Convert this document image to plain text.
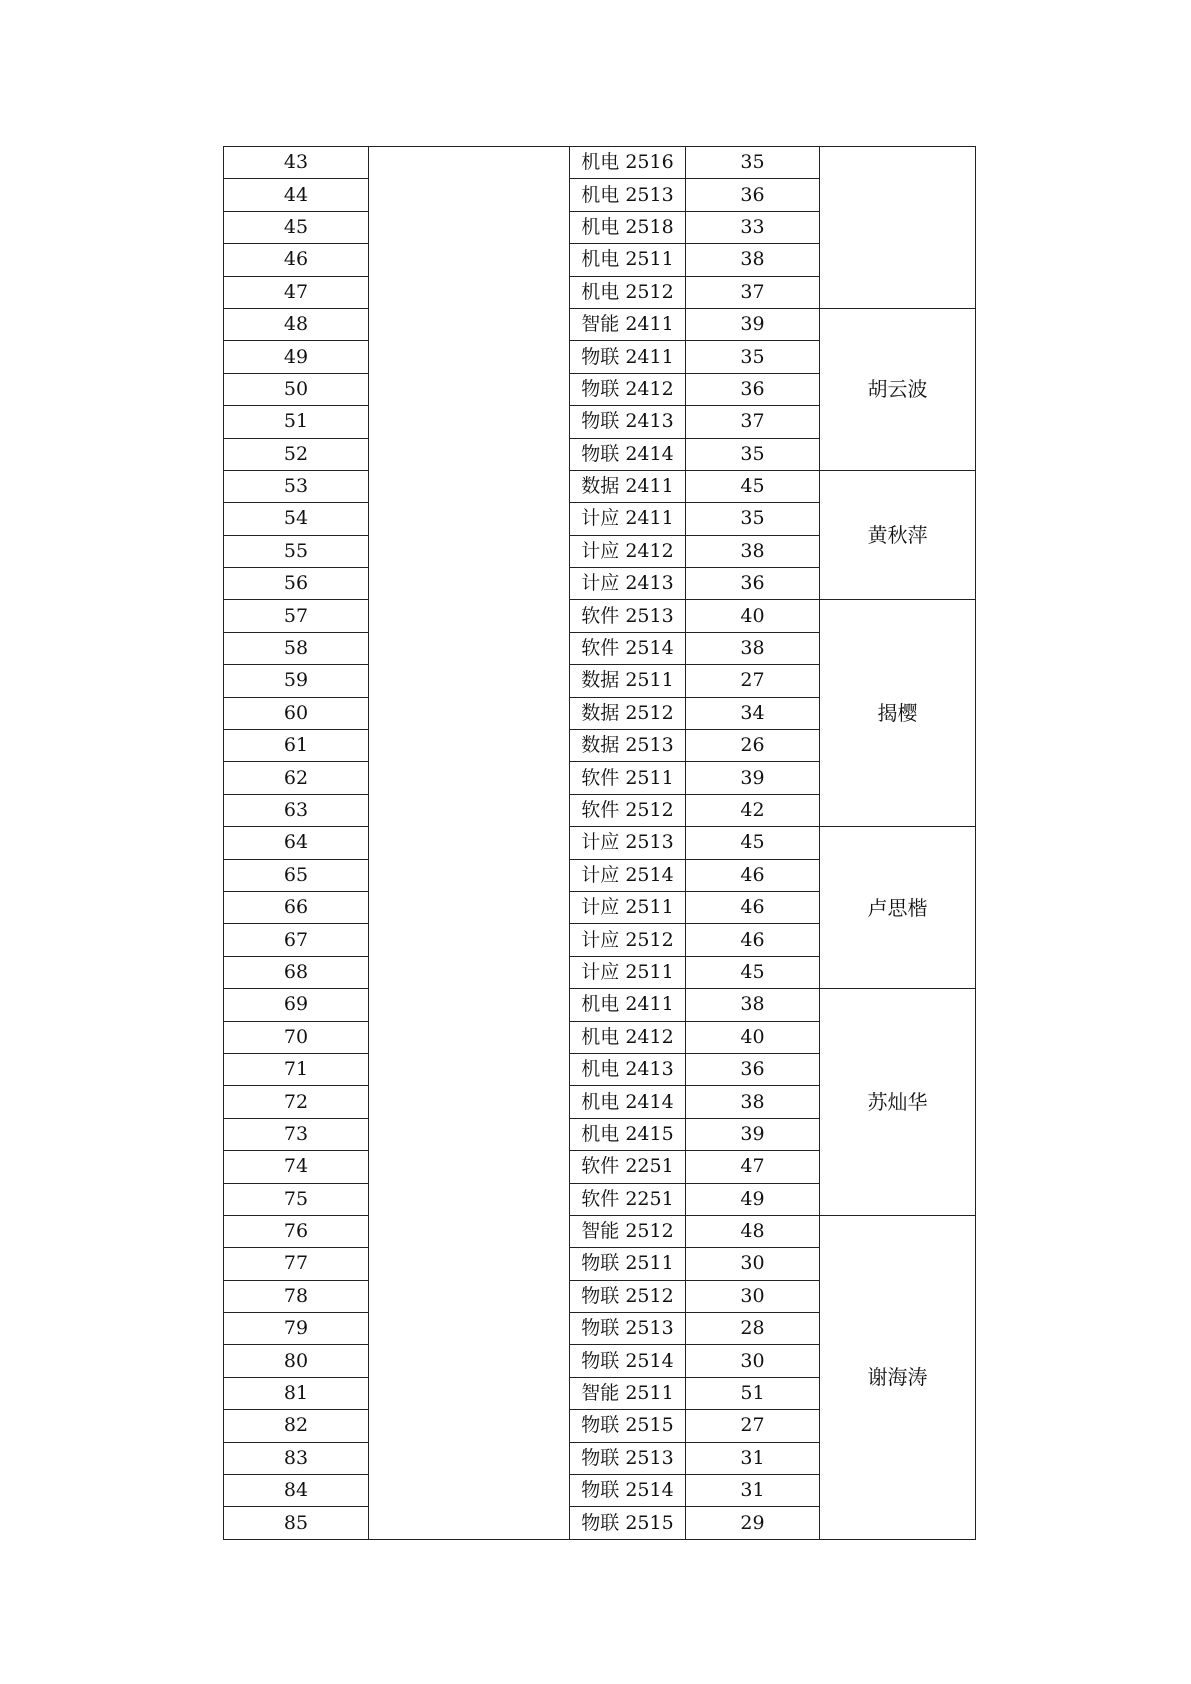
43		机电 2516	35	
44		机电 2513	36	
45		机电 2518	33	
46		机电 2511	38	
47		机电 2512	37	
48		智能 2411	39	胡云波
49		物联 2411	35	
50		物联 2412	36	
51		物联 2413	37	
52		物联 2414	35	
53		数据 2411	45	黄秋萍
54		计应 2411	35	
55		计应 2412	38	
56		计应 2413	36	
57		软件 2513	40	揭樱
58		软件 2514	38	
59		数据 2511	27	
60		数据 2512	34	
61		数据 2513	26	
62		软件 2511	39	
63		软件 2512	42	
64		计应 2513	45	卢思楷
65		计应 2514	46	
66		计应 2511	46	
67		计应 2512	46	
68		计应 2511	45	
69		机电 2411	38	苏灿华
70		机电 2412	40	
71		机电 2413	36	
72		机电 2414	38	
73		机电 2415	39	
74		软件 2251	47	
75		软件 2251	49	
76		智能 2512	48	谢海涛
77		物联 2511	30	
78		物联 2512	30	
79		物联 2513	28	
80		物联 2514	30	
81		智能 2511	51	
82		物联 2515	27	
83		物联 2513	31	
84		物联 2514	31	
85		物联 2515	29	
